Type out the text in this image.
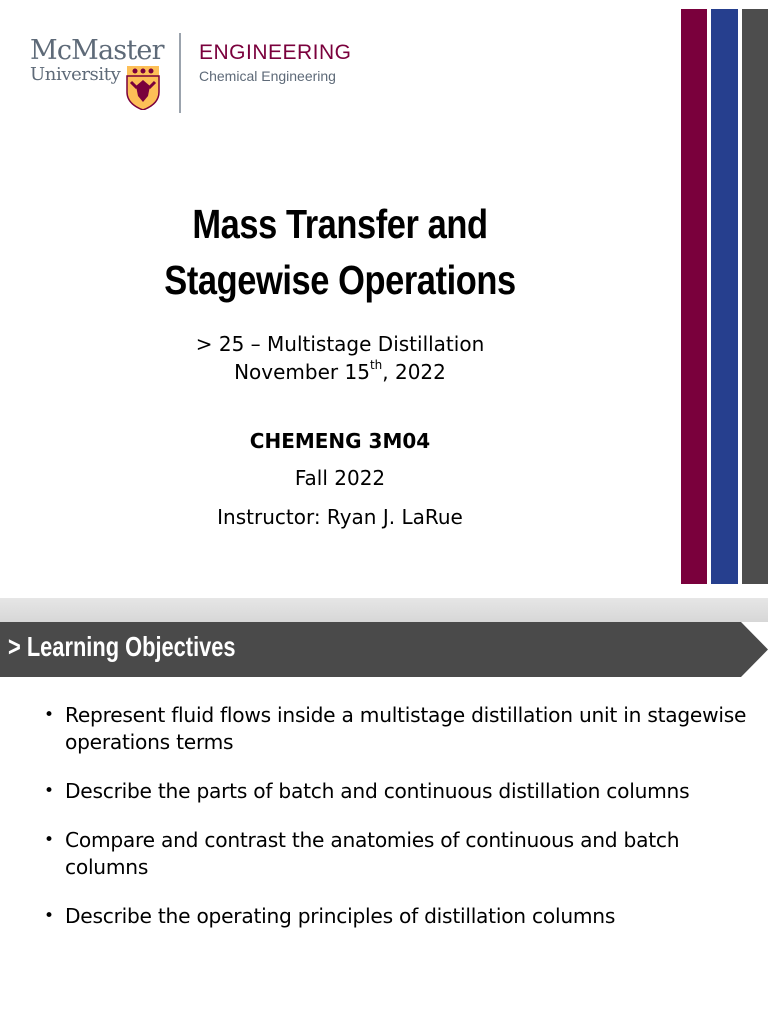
McMaster
University
ENGINEERING
Chemical Engineering
Mass Transfer and
Stagewise Operations
> 25 – Multistage Distillation
November 15th, 2022
CHEMENG 3M04
Fall 2022
Instructor: Ryan J. LaRue
> Learning Objectives
• Represent fluid flows inside a multistage distillation unit in stagewise operations terms
• Describe the parts of batch and continuous distillation columns
• Compare and contrast the anatomies of continuous and batch columns
• Describe the operating principles of distillation columns
